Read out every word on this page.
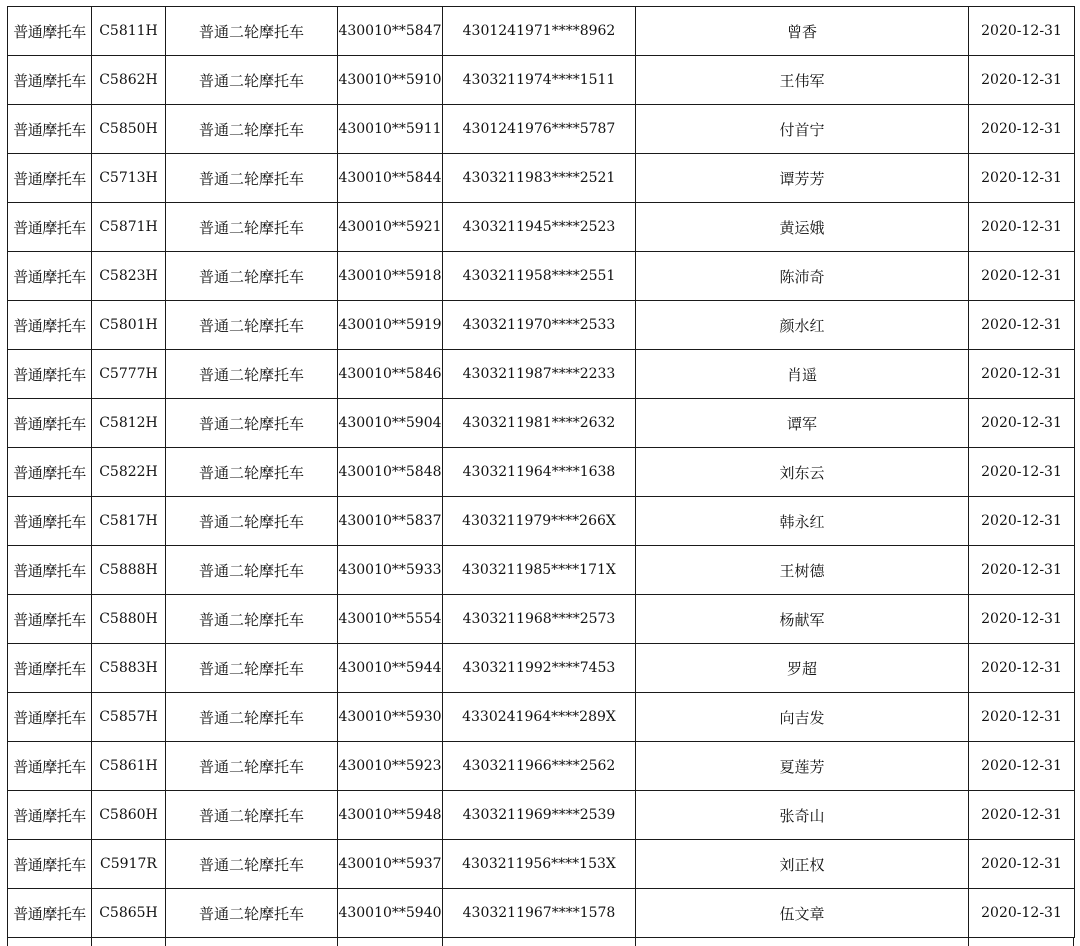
普通摩托车	C5811H	普通二轮摩托车	430010**5847	4301241971****8962	曾香	2020-12-31
普通摩托车	C5862H	普通二轮摩托车	430010**5910	4303211974****1511	王伟军	2020-12-31
普通摩托车	C5850H	普通二轮摩托车	430010**5911	4301241976****5787	付首宁	2020-12-31
普通摩托车	C5713H	普通二轮摩托车	430010**5844	4303211983****2521	谭芳芳	2020-12-31
普通摩托车	C5871H	普通二轮摩托车	430010**5921	4303211945****2523	黄运娥	2020-12-31
普通摩托车	C5823H	普通二轮摩托车	430010**5918	4303211958****2551	陈沛奇	2020-12-31
普通摩托车	C5801H	普通二轮摩托车	430010**5919	4303211970****2533	颜水红	2020-12-31
普通摩托车	C5777H	普通二轮摩托车	430010**5846	4303211987****2233	肖遥	2020-12-31
普通摩托车	C5812H	普通二轮摩托车	430010**5904	4303211981****2632	谭军	2020-12-31
普通摩托车	C5822H	普通二轮摩托车	430010**5848	4303211964****1638	刘东云	2020-12-31
普通摩托车	C5817H	普通二轮摩托车	430010**5837	4303211979****266X	韩永红	2020-12-31
普通摩托车	C5888H	普通二轮摩托车	430010**5933	4303211985****171X	王树德	2020-12-31
普通摩托车	C5880H	普通二轮摩托车	430010**5554	4303211968****2573	杨献军	2020-12-31
普通摩托车	C5883H	普通二轮摩托车	430010**5944	4303211992****7453	罗超	2020-12-31
普通摩托车	C5857H	普通二轮摩托车	430010**5930	4330241964****289X	向吉发	2020-12-31
普通摩托车	C5861H	普通二轮摩托车	430010**5923	4303211966****2562	夏莲芳	2020-12-31
普通摩托车	C5860H	普通二轮摩托车	430010**5948	4303211969****2539	张奇山	2020-12-31
普通摩托车	C5917R	普通二轮摩托车	430010**5937	4303211956****153X	刘正权	2020-12-31
普通摩托车	C5865H	普通二轮摩托车	430010**5940	4303211967****1578	伍文章	2020-12-31
